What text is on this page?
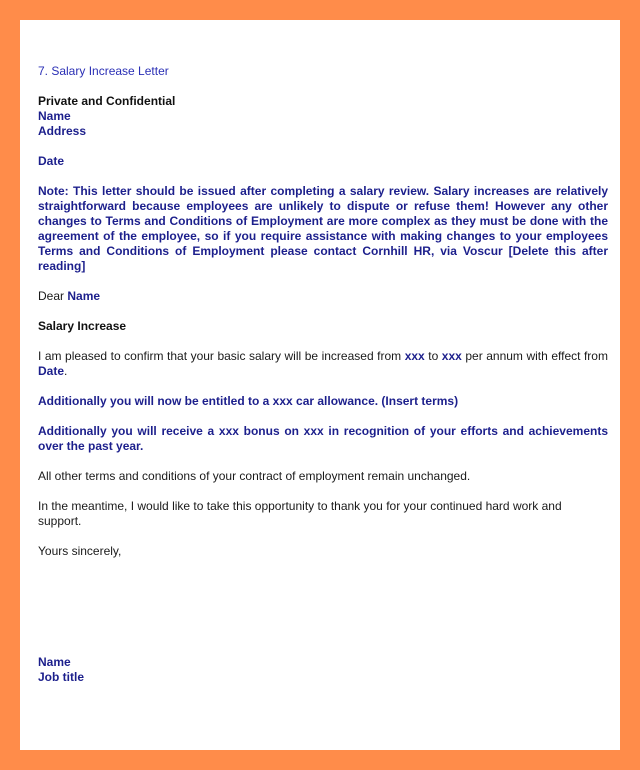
7. Salary Increase Letter

Private and Confidential

Name

Address

Date

Note: This letter should be issued after completing a salary review. Salary increases are relatively straightforward because employees are unlikely to dispute or refuse them! However any other changes to Terms and Conditions of Employment are more complex as they must be done with the agreement of the employee, so if you require assistance with making changes to your employees Terms and Conditions of Employment please contact Cornhill HR, via Voscur [Delete this after reading]

Dear Name

Salary Increase

I am pleased to confirm that your basic salary will be increased from xxx to xxx per annum with effect from Date.

Additionally you will now be entitled to a xxx car allowance. (Insert terms)

Additionally you will receive a xxx bonus on xxx in recognition of your efforts and achievements over the past year.

All other terms and conditions of your contract of employment remain unchanged.

In the meantime, I would like to take this opportunity to thank you for your continued hard work and support.

Yours sincerely,

Name

Job title
